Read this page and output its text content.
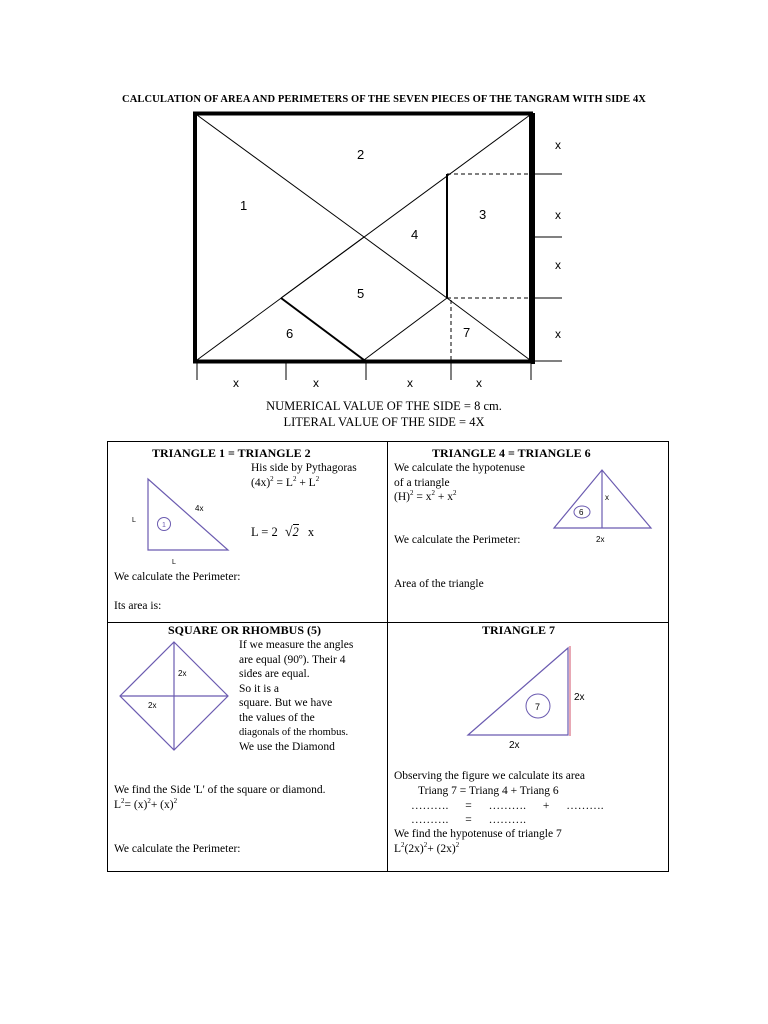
CALCULATION OF AREA AND PERIMETERS OF THE SEVEN PIECES OF THE TANGRAM WITH SIDE 4X
1
2
3
4
5
6	7
x
x
x
x
x	x	x	x
NUMERICAL VALUE OF THE SIDE = 8 cm.
LITERAL VALUE OF THE SIDE = 4X
TRIANGLE 1 = TRIANGLE 2
His side by Pythagoras
$(4x)^2 = L^2 + L^2$
L = 2 √2 x
1
4x
L
L
We calculate the Perimeter:
Its area is:
TRIANGLE 4 = TRIANGLE 6
We calculate the hypotenuse
of a triangle
$(H)^2 = x^2 + x^2$
6
x
2x
We calculate the Perimeter:
Area of the triangle
SQUARE OR RHOMBUS (5)
If we measure the angles
are equal (90º). Their 4
sides are equal.
So it is a
square. But we have
the values of the
diagonals of the rhombus.
We use the Diamond
2x
2x
We find the Side 'L' of the square or diamond.
$L^2= (x)^2+ (x)^2$
We calculate the Perimeter:
TRIANGLE 7
7
2x
2x
Observing the figure we calculate its area
Triang 7 = Triang 4 + Triang 6
………. = ………. + ……….
………. = ……….
We find the hypotenuse of triangle 7
$L^2(2x)^2+ (2x)^2$
